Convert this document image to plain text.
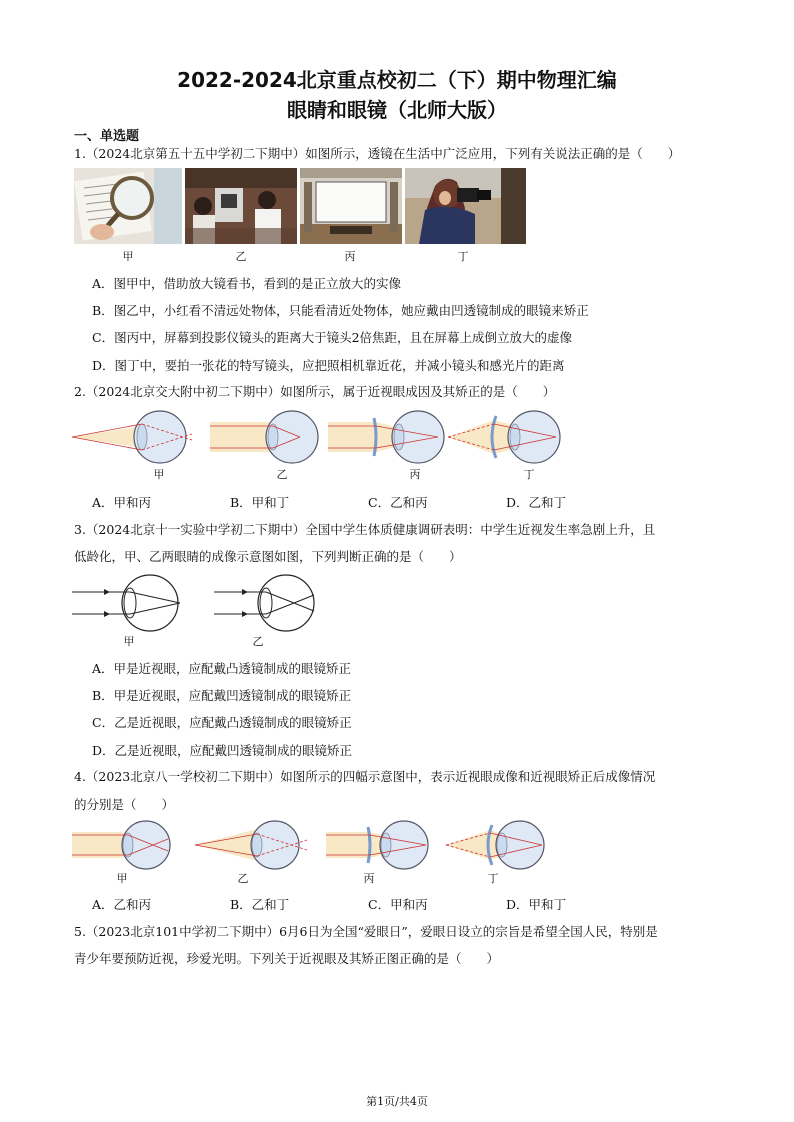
2022-2024北京重点校初二（下）期中物理汇编
眼睛和眼镜（北师大版）
一、单选题
1.（2024北京第五十五中学初二下期中）如图所示，透镜在生活中广泛应用，下列有关说法正确的是（　　）
甲	乙	丙	丁
A．图甲中，借助放大镜看书，看到的是正立放大的实像
B．图乙中，小红看不清远处物体，只能看清近处物体，她应戴由凹透镜制成的眼镜来矫正
C．图丙中，屏幕到投影仪镜头的距离大于镜头2倍焦距，且在屏幕上成倒立放大的虚像
D．图丁中，要拍一张花的特写镜头，应把照相机靠近花，并减小镜头和感光片的距离
2.（2024北京交大附中初二下期中）如图所示，属于近视眼成因及其矫正的是（　　）
甲	乙	丙	丁
A．甲和丙	B．甲和丁	C．乙和丙	D．乙和丁
3.（2024北京十一实验中学初二下期中）全国中学生体质健康调研表明：中学生近视发生率急剧上升，且
低龄化，甲、乙两眼睛的成像示意图如图，下列判断正确的是（　　）
甲	乙
A．甲是近视眼，应配戴凸透镜制成的眼镜矫正
B．甲是近视眼，应配戴凹透镜制成的眼镜矫正
C．乙是近视眼，应配戴凸透镜制成的眼镜矫正
D．乙是近视眼，应配戴凹透镜制成的眼镜矫正
4.（2023北京八一学校初二下期中）如图所示的四幅示意图中，表示近视眼成像和近视眼矫正后成像情况
的分别是（　　）
甲	乙	丙	丁
A．乙和丙	B．乙和丁	C．甲和丙	D．甲和丁
5.（2023北京101中学初二下期中）6月6日为全国“爱眼日”，爱眼日设立的宗旨是希望全国人民，特别是
青少年要预防近视，珍爱光明。下列关于近视眼及其矫正图正确的是（　　）
第1页/共4页
